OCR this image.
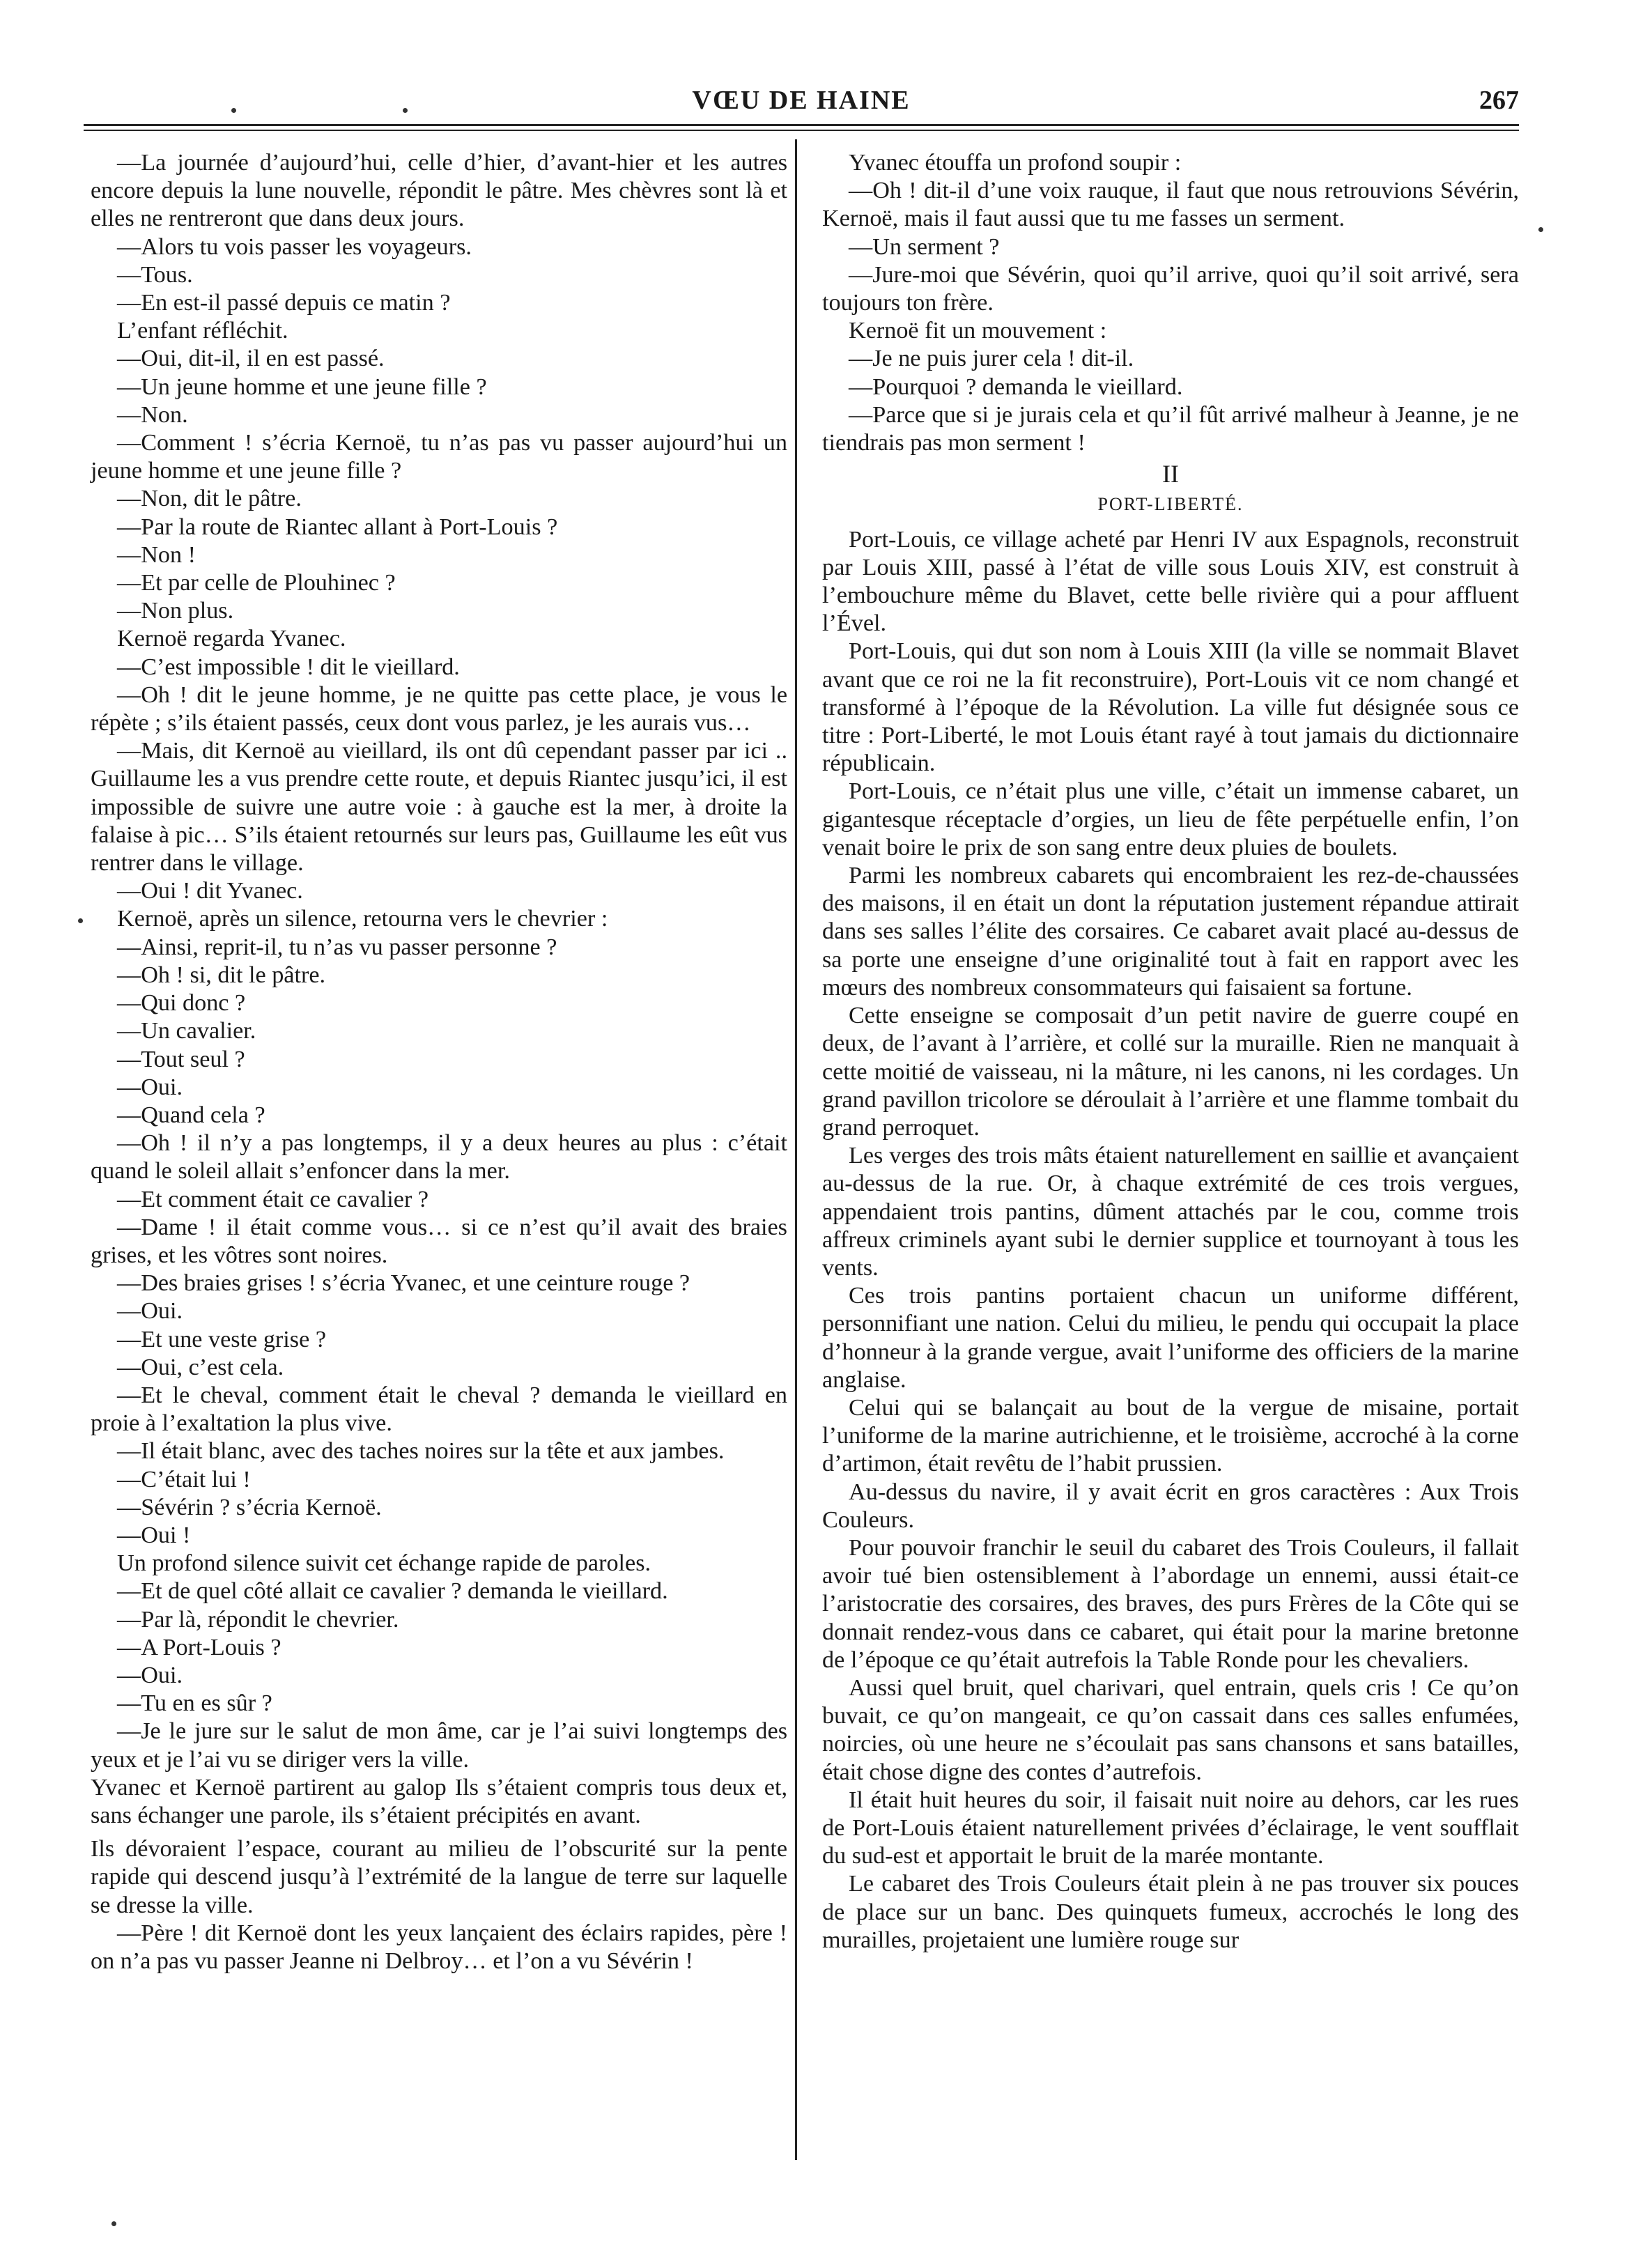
VŒU DE HAINE	267

—La journée d’aujourd’hui, celle d’hier, d’avant-hier et les autres encore depuis la lune nouvelle, répondit le pâtre. Mes chèvres sont là et elles ne rentreront que dans deux jours.

—Alors tu vois passer les voyageurs.

—Tous.

—En est-il passé depuis ce matin ?

L’enfant réfléchit.

—Oui, dit-il, il en est passé.

—Un jeune homme et une jeune fille ?

—Non.

—Comment ! s’écria Kernoë, tu n’as pas vu passer aujourd’hui un jeune homme et une jeune fille ?

—Non, dit le pâtre.

—Par la route de Riantec allant à Port-Louis ?

—Non !

—Et par celle de Plouhinec ?

—Non plus.

Kernoë regarda Yvanec.

—C’est impossible ! dit le vieillard.

—Oh ! dit le jeune homme, je ne quitte pas cette place, je vous le répète ; s’ils étaient passés, ceux dont vous parlez, je les aurais vus…

—Mais, dit Kernoë au vieillard, ils ont dû cependant passer par ici .. Guillaume les a vus prendre cette route, et depuis Riantec jusqu’ici, il est impossible de suivre une autre voie : à gauche est la mer, à droite la falaise à pic… S’ils étaient retournés sur leurs pas, Guillaume les eût vus rentrer dans le village.

—Oui ! dit Yvanec.

Kernoë, après un silence, retourna vers le chevrier :

—Ainsi, reprit-il, tu n’as vu passer personne ?

—Oh ! si, dit le pâtre.

—Qui donc ?

—Un cavalier.

—Tout seul ?

—Oui.

—Quand cela ?

—Oh ! il n’y a pas longtemps, il y a deux heures au plus : c’était quand le soleil allait s’enfoncer dans la mer.

—Et comment était ce cavalier ?

—Dame ! il était comme vous… si ce n’est qu’il avait des braies grises, et les vôtres sont noires.

—Des braies grises ! s’écria Yvanec, et une ceinture rouge ?

—Oui.

—Et une veste grise ?

—Oui, c’est cela.

—Et le cheval, comment était le cheval ? demanda le vieillard en proie à l’exaltation la plus vive.

—Il était blanc, avec des taches noires sur la tête et aux jambes.

—C’était lui !

—Sévérin ? s’écria Kernoë.

—Oui !

Un profond silence suivit cet échange rapide de paroles.

—Et de quel côté allait ce cavalier ? demanda le vieillard.

—Par là, répondit le chevrier.

—A Port-Louis ?

—Oui.

—Tu en es sûr ?

—Je le jure sur le salut de mon âme, car je l’ai suivi longtemps des yeux et je l’ai vu se diriger vers la ville.

Yvanec et Kernoë partirent au galop Ils s’étaient compris tous deux et, sans échanger une parole, ils s’étaient précipités en avant.

Ils dévoraient l’espace, courant au milieu de l’obscurité sur la pente rapide qui descend jusqu’à l’extrémité de la langue de terre sur laquelle se dresse la ville.

—Père ! dit Kernoë dont les yeux lançaient des éclairs rapides, père ! on n’a pas vu passer Jeanne ni Delbroy… et l’on a vu Sévérin !

Yvanec étouffa un profond soupir :

—Oh ! dit-il d’une voix rauque, il faut que nous retrouvions Sévérin, Kernoë, mais il faut aussi que tu me fasses un serment.

—Un serment ?

—Jure-moi que Sévérin, quoi qu’il arrive, quoi qu’il soit arrivé, sera toujours ton frère.

Kernoë fit un mouvement :

—Je ne puis jurer cela ! dit-il.

—Pourquoi ? demanda le vieillard.

—Parce que si je jurais cela et qu’il fût arrivé malheur à Jeanne, je ne tiendrais pas mon serment !

II

PORT-LIBERTÉ.

Port-Louis, ce village acheté par Henri IV aux Espagnols, reconstruit par Louis XIII, passé à l’état de ville sous Louis XIV, est construit à l’embouchure même du Blavet, cette belle rivière qui a pour affluent l’Ével.

Port-Louis, qui dut son nom à Louis XIII (la ville se nommait Blavet avant que ce roi ne la fit reconstruire), Port-Louis vit ce nom changé et transformé à l’époque de la Révolution. La ville fut désignée sous ce titre : Port-Liberté, le mot Louis étant rayé à tout jamais du dictionnaire républicain.

Port-Louis, ce n’était plus une ville, c’était un immense cabaret, un gigantesque réceptacle d’orgies, un lieu de fête perpétuelle enfin, l’on venait boire le prix de son sang entre deux pluies de boulets.

Parmi les nombreux cabarets qui encombraient les rez-de-chaussées des maisons, il en était un dont la réputation justement répandue attirait dans ses salles l’élite des corsaires. Ce cabaret avait placé au-dessus de sa porte une enseigne d’une originalité tout à fait en rapport avec les mœurs des nombreux consommateurs qui faisaient sa fortune.

Cette enseigne se composait d’un petit navire de guerre coupé en deux, de l’avant à l’arrière, et collé sur la muraille. Rien ne manquait à cette moitié de vaisseau, ni la mâture, ni les canons, ni les cordages. Un grand pavillon tricolore se déroulait à l’arrière et une flamme tombait du grand perroquet.

Les verges des trois mâts étaient naturellement en saillie et avançaient au-dessus de la rue. Or, à chaque extrémité de ces trois vergues, appendaient trois pantins, dûment attachés par le cou, comme trois affreux criminels ayant subi le dernier supplice et tournoyant à tous les vents.

Ces trois pantins portaient chacun un uniforme différent, personnifiant une nation. Celui du milieu, le pendu qui occupait la place d’honneur à la grande vergue, avait l’uniforme des officiers de la marine anglaise.

Celui qui se balançait au bout de la vergue de misaine, portait l’uniforme de la marine autrichienne, et le troisième, accroché à la corne d’artimon, était revêtu de l’habit prussien.

Au-dessus du navire, il y avait écrit en gros caractères : Aux Trois Couleurs.

Pour pouvoir franchir le seuil du cabaret des Trois Couleurs, il fallait avoir tué bien ostensiblement à l’abordage un ennemi, aussi était-ce l’aristocratie des corsaires, des braves, des purs Frères de la Côte qui se donnait rendez-vous dans ce cabaret, qui était pour la marine bretonne de l’époque ce qu’était autrefois la Table Ronde pour les chevaliers.

Aussi quel bruit, quel charivari, quel entrain, quels cris ! Ce qu’on buvait, ce qu’on mangeait, ce qu’on cassait dans ces salles enfumées, noircies, où une heure ne s’écoulait pas sans chansons et sans batailles, était chose digne des contes d’autrefois.

Il était huit heures du soir, il faisait nuit noire au dehors, car les rues de Port-Louis étaient naturellement privées d’éclairage, le vent soufflait du sud-est et apportait le bruit de la marée montante.

Le cabaret des Trois Couleurs était plein à ne pas trouver six pouces de place sur un banc. Des quinquets fumeux, accrochés le long des murailles, projetaient une lumière rouge sur
